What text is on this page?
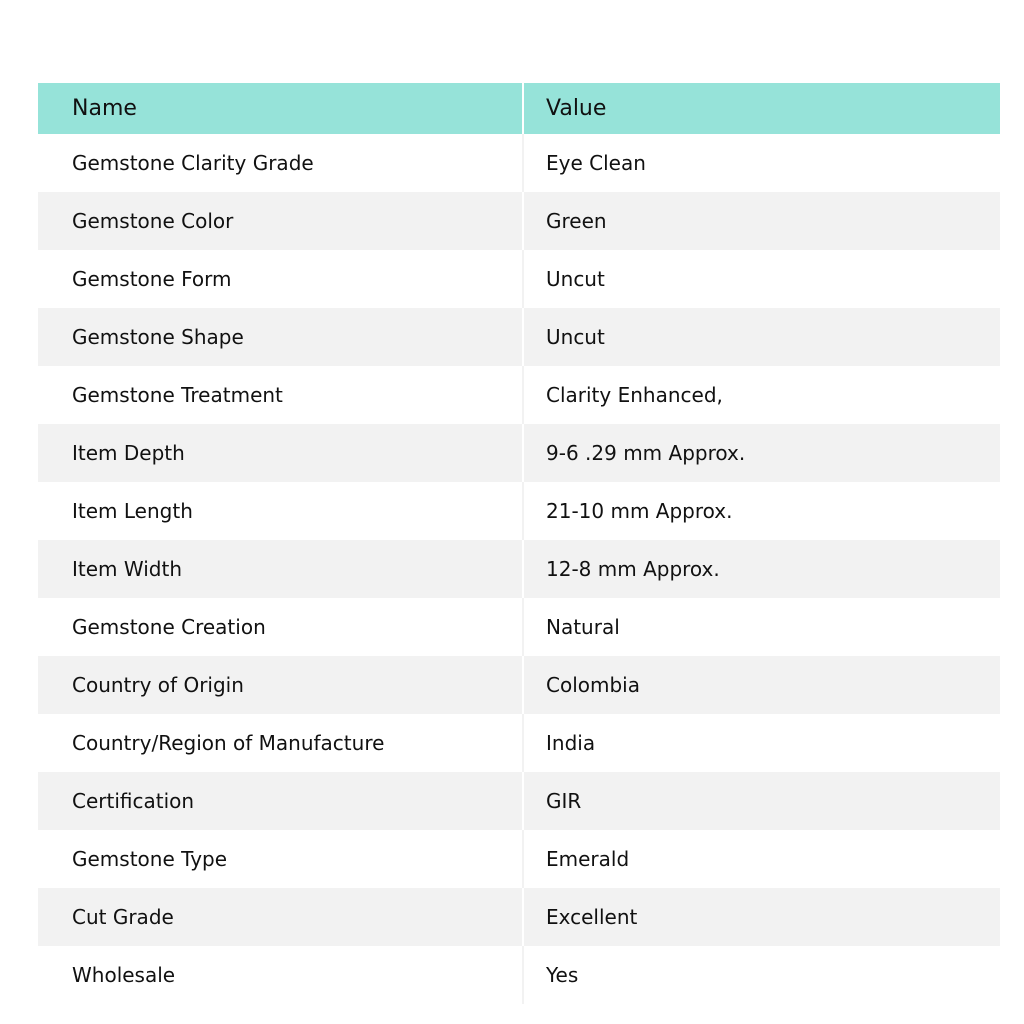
Name	Value
Gemstone Clarity Grade	Eye Clean
Gemstone Color	Green
Gemstone Form	Uncut
Gemstone Shape	Uncut
Gemstone Treatment	Clarity Enhanced,
Item Depth	9-6 .29 mm Approx.
Item Length	21-10 mm Approx.
Item Width	12-8 mm Approx.
Gemstone Creation	Natural
Country of Origin	Colombia
Country/Region of Manufacture	India
Certification	GIR
Gemstone Type	Emerald
Cut Grade	Excellent
Wholesale	Yes
